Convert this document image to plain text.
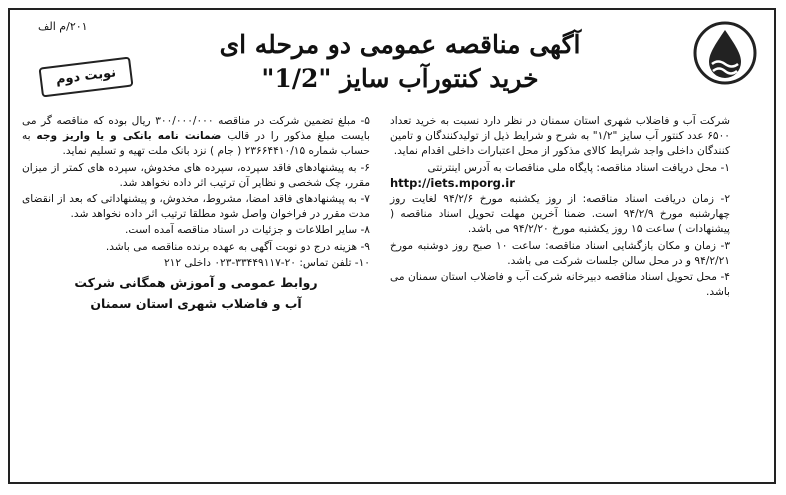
۲۰۱/م الف
نوبت دوم
آگهی مناقصه عمومی دو مرحله ای
خرید کنتورآب سایز "1/2"

شرکت آب و فاضلاب شهری استان سمنان در نظر دارد نسبت به خرید تعداد ۶۵۰۰ عدد کنتور آب سایز "۱/۲" به شرح و شرایط ذیل از تولیدکنندگان و تامین کنندگان داخلی واجد شرایط کالای مذکور از محل اعتبارات داخلی اقدام نماید.

۱- محل دریافت اسناد مناقصه: پایگاه ملی مناقصات به آدرس اینترنتی
http://iets.mporg.ir

۲- زمان دریافت اسناد مناقصه: از روز یکشنبه مورخ ۹۴/۲/۶ لغایت روز چهارشنبه مورخ ۹۴/۲/۹ است. ضمنا آخرین مهلت تحویل اسناد مناقصه ( پیشنهادات ) ساعت ۱۵ روز یکشنبه مورخ ۹۴/۲/۲۰ می باشد.

۳- زمان و مکان بازگشایی اسناد مناقصه: ساعت ۱۰ صبح روز دوشنبه مورخ ۹۴/۲/۲۱ و در محل سالن جلسات شرکت می باشد.

۴- محل تحویل اسناد مناقصه دبیرخانه شرکت آب و فاضلاب استان سمنان می باشد.

۵- مبلغ تضمین شرکت در مناقصه ۳۰۰/۰۰۰/۰۰۰ ریال بوده که مناقصه گر می بایست مبلغ مذکور را در قالب ضمانت نامه بانکی و یا واریز وجه به حساب شماره ۲۳۶۶۴۴۱۰/۱۵ ( جام ) نزد بانک ملت تهیه و تسلیم نماید.

۶- به پیشنهادهای فاقد سپرده، سپرده های مخدوش، سپرده های کمتر از میزان مقرر، چک شخصی و نظایر آن ترتیب اثر داده نخواهد شد.

۷- به پیشنهادهای فاقد امضا، مشروط، مخدوش، و پیشنهاداتی که بعد از انقضای مدت مقرر در فراخوان واصل شود مطلقا ترتیب اثر داده نخواهد شد.

۸- سایر اطلاعات و جزئیات در اسناد مناقصه آمده است.

۹- هزینه درج دو نوبت آگهی به عهده برنده مناقصه می باشد.

۱۰- تلفن تماس: ۲۰-۳۳۴۴۹۱۱۷-۰۲۳ داخلی ۲۱۲

روابط عمومی و آموزش همگانی شرکت
آب و فاضلاب شهری استان سمنان
